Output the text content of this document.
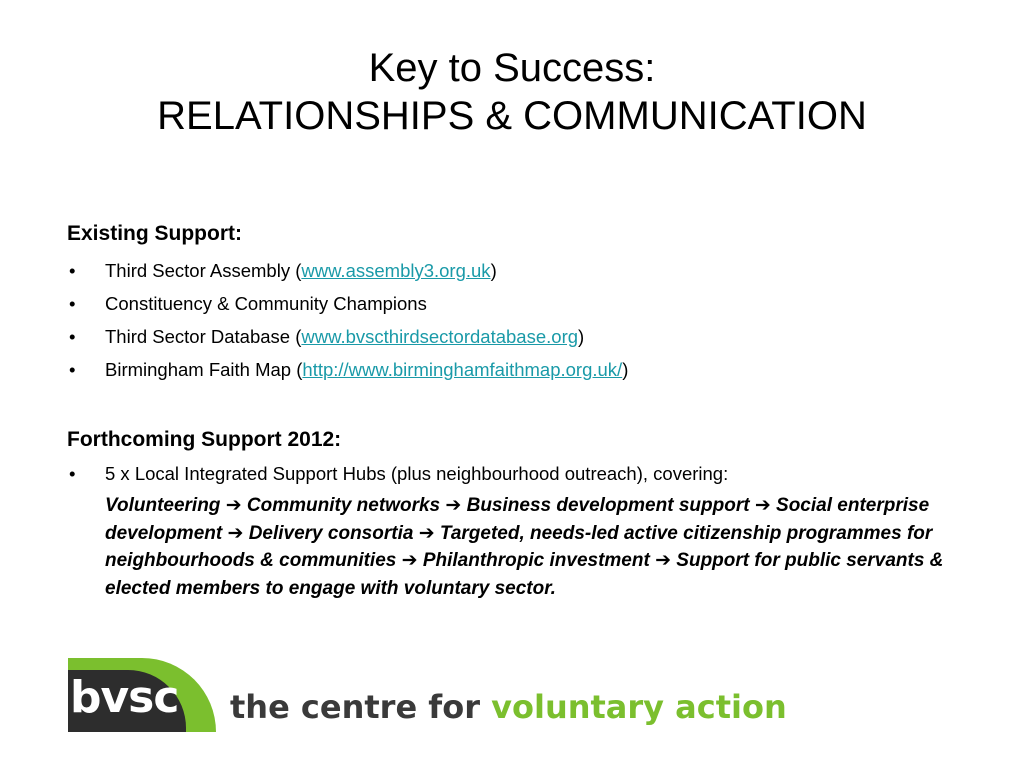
Key to Success:
RELATIONSHIPS & COMMUNICATION
Existing Support:
• Third Sector Assembly (www.assembly3.org.uk)
• Constituency & Community Champions
• Third Sector Database (www.bvscthirdsectordatabase.org)
• Birmingham Faith Map (http://www.birminghamfaithmap.org.uk/)
Forthcoming Support 2012:
• 5 x Local Integrated Support Hubs (plus neighbourhood outreach), covering:
Volunteering ➔ Community networks ➔ Business development support ➔ Social enterprise development ➔ Delivery consortia ➔ Targeted, needs-led active citizenship programmes for neighbourhoods & communities ➔ Philanthropic investment ➔ Support for public servants & elected members to engage with voluntary sector.
bvsc the centre for voluntary action
